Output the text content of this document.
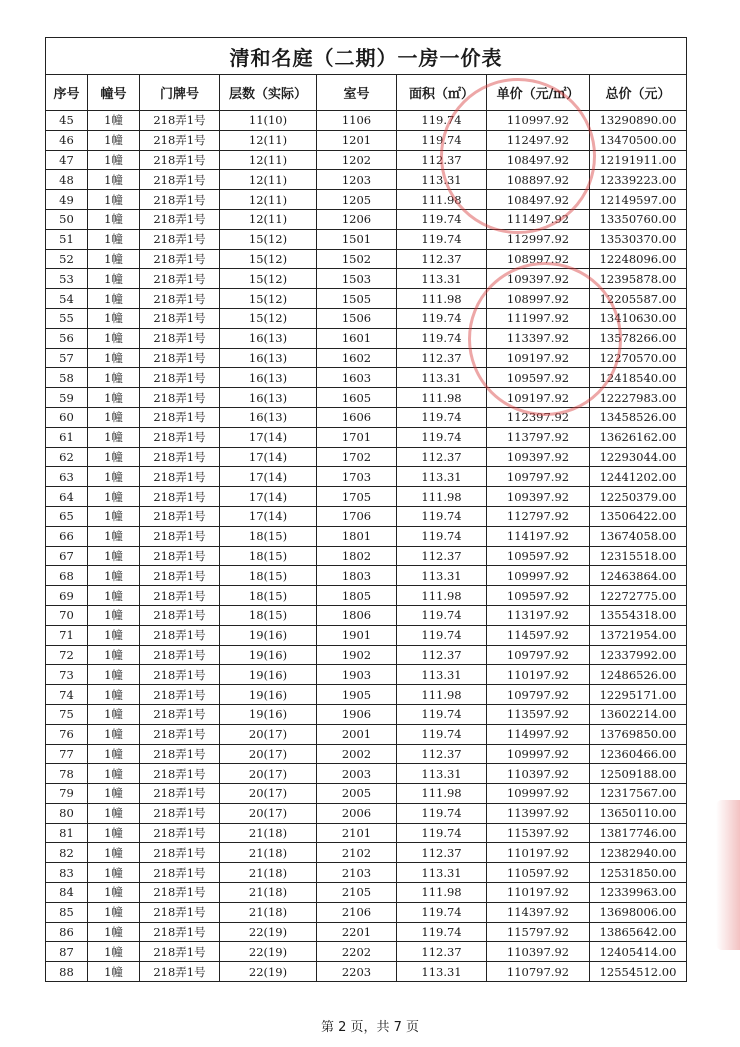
清和名庭（二期）一房一价表							
序号	幢号	门牌号	层数（实际）	室号	面积（㎡）	单价（元/㎡）	总价（元）
45	1幢	218弄1号	11(10)	1106	119.74	110997.92	13290890.00
46	1幢	218弄1号	12(11)	1201	119.74	112497.92	13470500.00
47	1幢	218弄1号	12(11)	1202	112.37	108497.92	12191911.00
48	1幢	218弄1号	12(11)	1203	113.31	108897.92	12339223.00
49	1幢	218弄1号	12(11)	1205	111.98	108497.92	12149597.00
50	1幢	218弄1号	12(11)	1206	119.74	111497.92	13350760.00
51	1幢	218弄1号	15(12)	1501	119.74	112997.92	13530370.00
52	1幢	218弄1号	15(12)	1502	112.37	108997.92	12248096.00
53	1幢	218弄1号	15(12)	1503	113.31	109397.92	12395878.00
54	1幢	218弄1号	15(12)	1505	111.98	108997.92	12205587.00
55	1幢	218弄1号	15(12)	1506	119.74	111997.92	13410630.00
56	1幢	218弄1号	16(13)	1601	119.74	113397.92	13578266.00
57	1幢	218弄1号	16(13)	1602	112.37	109197.92	12270570.00
58	1幢	218弄1号	16(13)	1603	113.31	109597.92	12418540.00
59	1幢	218弄1号	16(13)	1605	111.98	109197.92	12227983.00
60	1幢	218弄1号	16(13)	1606	119.74	112397.92	13458526.00
61	1幢	218弄1号	17(14)	1701	119.74	113797.92	13626162.00
62	1幢	218弄1号	17(14)	1702	112.37	109397.92	12293044.00
63	1幢	218弄1号	17(14)	1703	113.31	109797.92	12441202.00
64	1幢	218弄1号	17(14)	1705	111.98	109397.92	12250379.00
65	1幢	218弄1号	17(14)	1706	119.74	112797.92	13506422.00
66	1幢	218弄1号	18(15)	1801	119.74	114197.92	13674058.00
67	1幢	218弄1号	18(15)	1802	112.37	109597.92	12315518.00
68	1幢	218弄1号	18(15)	1803	113.31	109997.92	12463864.00
69	1幢	218弄1号	18(15)	1805	111.98	109597.92	12272775.00
70	1幢	218弄1号	18(15)	1806	119.74	113197.92	13554318.00
71	1幢	218弄1号	19(16)	1901	119.74	114597.92	13721954.00
72	1幢	218弄1号	19(16)	1902	112.37	109797.92	12337992.00
73	1幢	218弄1号	19(16)	1903	113.31	110197.92	12486526.00
74	1幢	218弄1号	19(16)	1905	111.98	109797.92	12295171.00
75	1幢	218弄1号	19(16)	1906	119.74	113597.92	13602214.00
76	1幢	218弄1号	20(17)	2001	119.74	114997.92	13769850.00
77	1幢	218弄1号	20(17)	2002	112.37	109997.92	12360466.00
78	1幢	218弄1号	20(17)	2003	113.31	110397.92	12509188.00
79	1幢	218弄1号	20(17)	2005	111.98	109997.92	12317567.00
80	1幢	218弄1号	20(17)	2006	119.74	113997.92	13650110.00
81	1幢	218弄1号	21(18)	2101	119.74	115397.92	13817746.00
82	1幢	218弄1号	21(18)	2102	112.37	110197.92	12382940.00
83	1幢	218弄1号	21(18)	2103	113.31	110597.92	12531850.00
84	1幢	218弄1号	21(18)	2105	111.98	110197.92	12339963.00
85	1幢	218弄1号	21(18)	2106	119.74	114397.92	13698006.00
86	1幢	218弄1号	22(19)	2201	119.74	115797.92	13865642.00
87	1幢	218弄1号	22(19)	2202	112.37	110397.92	12405414.00
88	1幢	218弄1号	22(19)	2203	113.31	110797.92	12554512.00
第 2 页，共 7 页
